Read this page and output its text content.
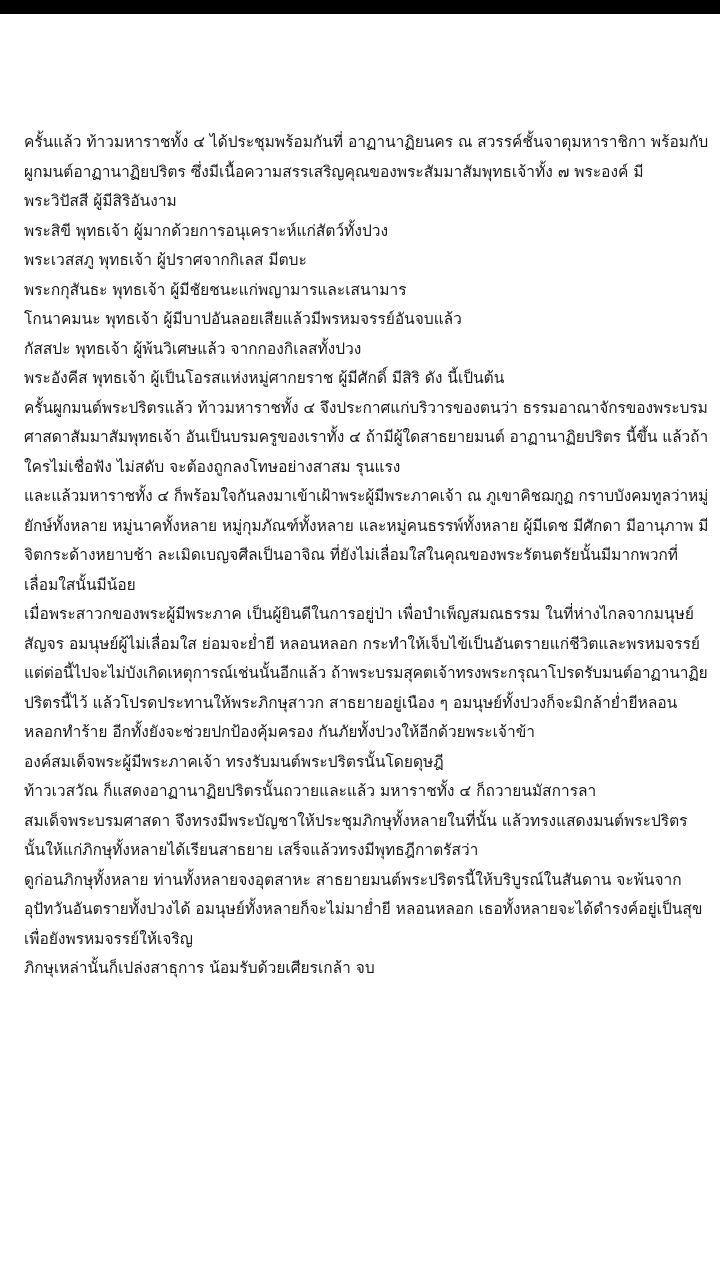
ครั้นแล้ว ท้าวมหาราชทั้ง ๔ ได้ประชุมพร้อมกันที่ อาฏานาฏิยนคร ณ สวรรค์ชั้นจาตุมหาราชิกา พร้อมกับ
ผูกมนต์อาฏานาฏิยปริตร ซึ่งมีเนื้อความสรรเสริญคุณของพระสัมมาสัมพุทธเจ้าทั้ง ๗ พระองค์ มี

พระวิปัสสี ผู้มีสิริอันงาม

พระสิขี พุทธเจ้า ผู้มากด้วยการอนุเคราะห์แก่สัตว์ทั้งปวง

พระเวสสภู พุทธเจ้า ผู้ปราศจากกิเลส มีตบะ

พระกกุสันธะ พุทธเจ้า ผู้มีชัยชนะแก่พญามารและเสนามาร

โกนาคมนะ พุทธเจ้า ผู้มีบาปอันลอยเสียแล้วมีพรหมจรรย์อันจบแล้ว

กัสสปะ พุทธเจ้า ผู้พ้นวิเศษแล้ว จากกองกิเลสทั้งปวง

พระอังคีส พุทธเจ้า ผู้เป็นโอรสแห่งหมู่ศากยราช ผู้มีศักดิ์ มีสิริ ดัง นี้เป็นต้น

ครั้นผูกมนต์พระปริตรแล้ว ท้าวมหาราชทั้ง ๔ จึงประกาศแก่บริวารของตนว่า ธรรมอาณาจักรของพระบรม
ศาสดาสัมมาสัมพุทธเจ้า อันเป็นบรมครูของเราทั้ง ๔ ถ้ามีผู้ใดสาธยายมนต์ อาฏานาฏิยปริตร นี้ขึ้น แล้วถ้า
ใครไม่เชื่อฟัง ไม่สดับ จะต้องถูกลงโทษอย่างสาสม รุนแรง

และแล้วมหาราชทั้ง ๔ ก็พร้อมใจกันลงมาเข้าเฝ้าพระผู้มีพระภาคเจ้า ณ ภูเขาคิชฌกูฏ กราบบังคมทูลว่าหมู่
ยักษ์ทั้งหลาย หมู่นาคทั้งหลาย หมู่กุมภัณฑ์ทั้งหลาย และหมู่คนธรรพ์ทั้งหลาย ผู้มีเดช มีศักดา มีอานุภาพ มี
จิตกระด้างหยาบช้า ละเมิดเบญจศีลเป็นอาจิณ ที่ยังไม่เลื่อมใสในคุณของพระรัตนตรัยนั้นมีมากพวกที่
เลื่อมใสนั้นมีน้อย

เมื่อพระสาวกของพระผู้มีพระภาค เป็นผู้ยินดีในการอยู่ป่า เพื่อบำเพ็ญสมณธรรม ในที่ห่างไกลจากมนุษย์
สัญจร อมนุษย์ผู้ไม่เลื่อมใส ย่อมจะย่ำยี หลอนหลอก กระทำให้เจ็บไข้เป็นอันตรายแก่ชีวิตและพรหมจรรย์
แต่ต่อนี้ไปจะไม่บังเกิดเหตุการณ์เช่นนั้นอีกแล้ว ถ้าพระบรมสุคตเจ้าทรงพระกรุณาโปรดรับมนต์อาฏานาฏิย
ปริตรนี้ไว้ แล้วโปรดประทานให้พระภิกษุสาวก สาธยายอยู่เนือง ๆ อมนุษย์ทั้งปวงก็จะมิกล้าย่ำยีหลอน
หลอกทำร้าย อีกทั้งยังจะช่วยปกป้องคุ้มครอง กันภัยทั้งปวงให้อีกด้วยพระเจ้าข้า

องค์สมเด็จพระผู้มีพระภาคเจ้า ทรงรับมนต์พระปริตรนั้นโดยดุษฎี

ท้าวเวสวัณ ก็แสดงอาฏานาฏิยปริตรนั้นถวายและแล้ว มหาราชทั้ง ๔ ก็ถวายนมัสการลา

สมเด็จพระบรมศาสดา จึงทรงมีพระบัญชาให้ประชุมภิกษุทั้งหลายในที่นั้น แล้วทรงแสดงมนต์พระปริตร
นั้นให้แก่ภิกษุทั้งหลายได้เรียนสาธยาย เสร็จแล้วทรงมีพุทธฎีกาตรัสว่า

ดูก่อนภิกษุทั้งหลาย ท่านทั้งหลายจงอุตสาหะ สาธยายมนต์พระปริตรนี้ให้บริบูรณ์ในสันดาน จะพ้นจาก
อุปัทวันอันตรายทั้งปวงได้ อมนุษย์ทั้งหลายก็จะไม่มาย่ำยี หลอนหลอก เธอทั้งหลายจะได้ดำรงค์อยู่เป็นสุข
เพื่อยังพรหมจรรย์ให้เจริญ

ภิกษุเหล่านั้นก็เปล่งสาธุการ น้อมรับด้วยเศียรเกล้า จบ
